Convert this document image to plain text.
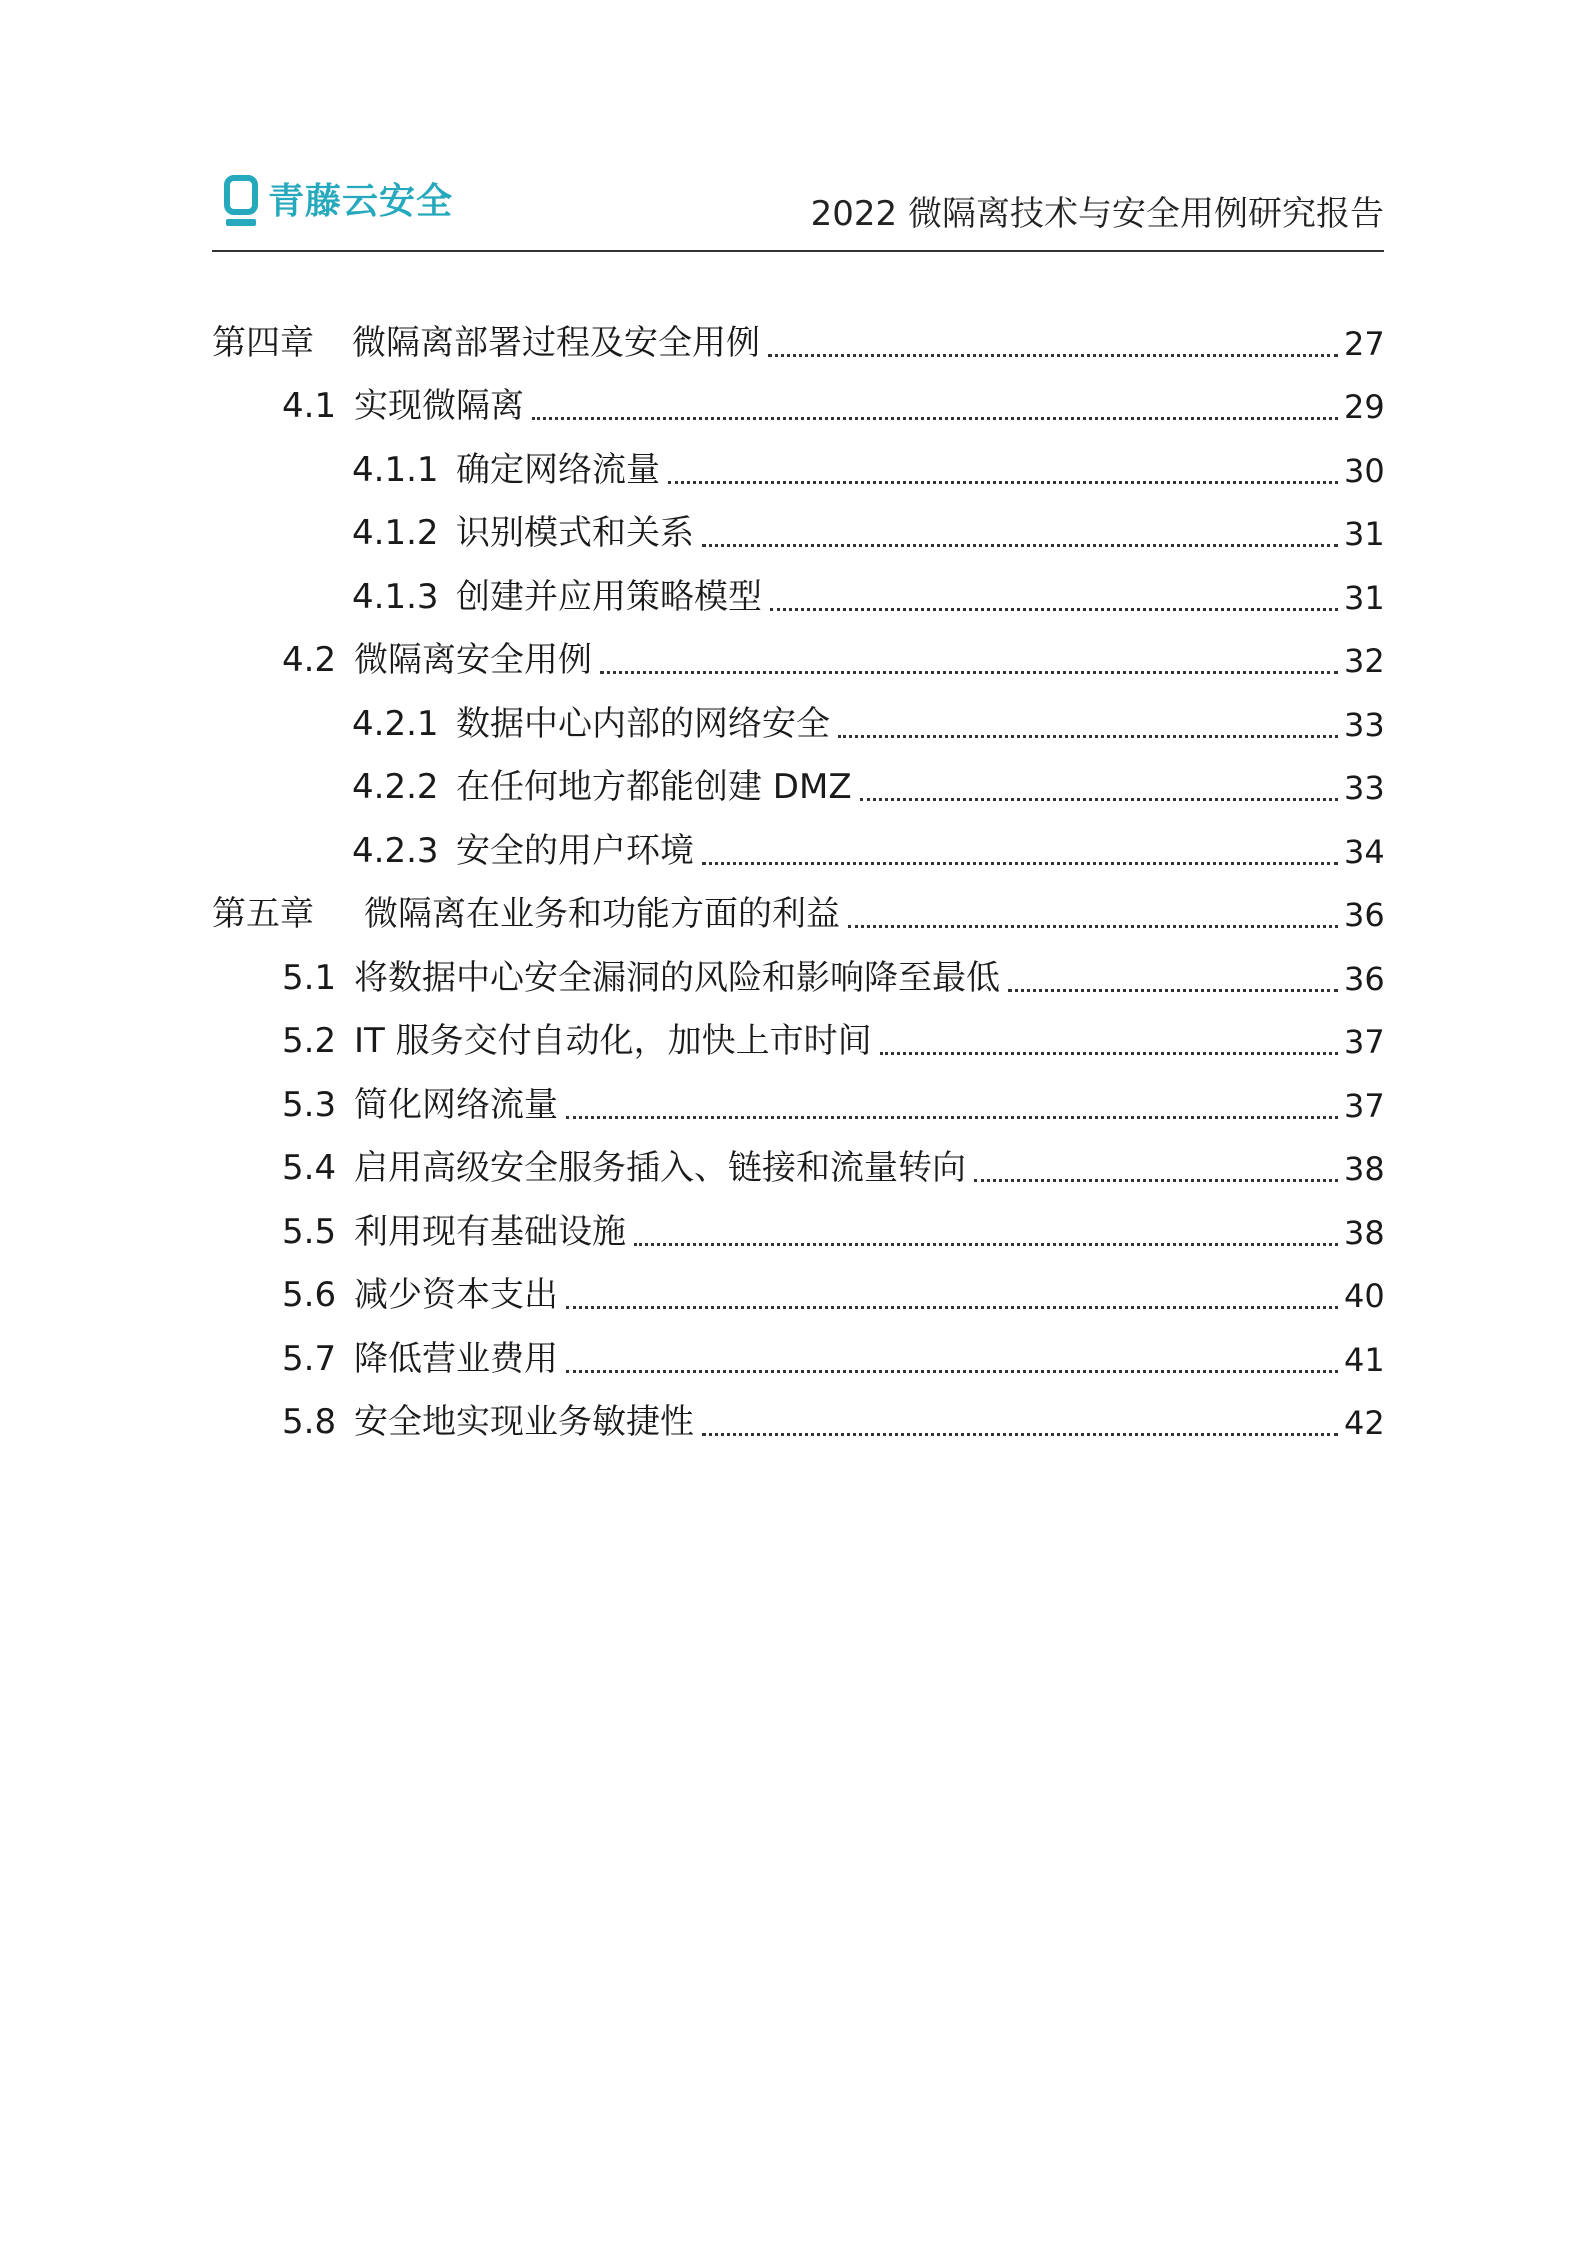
青藤云安全	2022 微隔离技术与安全用例研究报告
第四章	微隔离部署过程及安全用例	27
4.1 实现微隔离	29
4.1.1 确定网络流量	30
4.1.2 识别模式和关系	31
4.1.3 创建并应用策略模型	31
4.2 微隔离安全用例	32
4.2.1 数据中心内部的网络安全	33
4.2.2 在任何地方都能创建 DMZ	33
4.2.3 安全的用户环境	34
第五章	微隔离在业务和功能方面的利益	36
5.1 将数据中心安全漏洞的风险和影响降至最低	36
5.2 IT 服务交付自动化，加快上市时间	37
5.3 简化网络流量	37
5.4 启用高级安全服务插入、链接和流量转向	38
5.5 利用现有基础设施	38
5.6 减少资本支出	40
5.7 降低营业费用	41
5.8 安全地实现业务敏捷性	42
